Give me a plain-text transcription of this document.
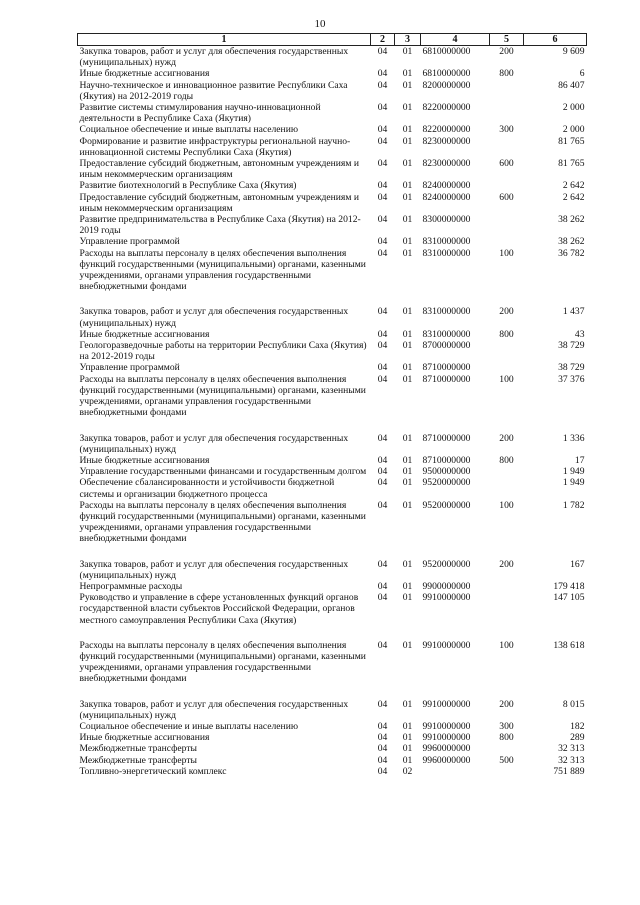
10
1	2	3	4	5	6
Закупка товаров, работ и услуг для обеспечения государственных (муниципальных) нужд	04	01	6810000000	200	9 609
Иные бюджетные ассигнования	04	01	6810000000	800	6
Научно-техническое и инновационное развитие Республики Саха (Якутия) на 2012-2019 годы	04	01	8200000000		86 407
Развитие системы стимулирования научно-инновационной деятельности в Республике Саха (Якутия)	04	01	8220000000		2 000
Социальное обеспечение и иные выплаты населению	04	01	8220000000	300	2 000
Формирование и развитие инфраструктуры региональной научно-инновационной системы Республики Саха (Якутия)	04	01	8230000000		81 765
Предоставление субсидий бюджетным, автономным учреждениям и иным некоммерческим организациям	04	01	8230000000	600	81 765
Развитие биотехнологий в Республике Саха (Якутия)	04	01	8240000000		2 642
Предоставление субсидий бюджетным, автономным учреждениям и иным некоммерческим организациям	04	01	8240000000	600	2 642
Развитие предпринимательства в Республике Саха (Якутия) на 2012-2019 годы	04	01	8300000000		38 262
Управление программой	04	01	8310000000		38 262
Расходы на выплаты персоналу в целях обеспечения выполнения функций государственными (муниципальными) органами, казенными учреждениями, органами управления государственными внебюджетными фондами	04	01	8310000000	100	36 782
Закупка товаров, работ и услуг для обеспечения государственных (муниципальных) нужд	04	01	8310000000	200	1 437
Иные бюджетные ассигнования	04	01	8310000000	800	43
Геологоразведочные работы на территории Республики Саха (Якутия) на 2012-2019 годы	04	01	8700000000		38 729
Управление программой	04	01	8710000000		38 729
Расходы на выплаты персоналу в целях обеспечения выполнения функций государственными (муниципальными) органами, казенными учреждениями, органами управления государственными внебюджетными фондами	04	01	8710000000	100	37 376
Закупка товаров, работ и услуг для обеспечения государственных (муниципальных) нужд	04	01	8710000000	200	1 336
Иные бюджетные ассигнования	04	01	8710000000	800	17
Управление государственными финансами и государственным долгом	04	01	9500000000		1 949
Обеспечение сбалансированности и устойчивости бюджетной системы и организации бюджетного процесса	04	01	9520000000		1 949
Расходы на выплаты персоналу в целях обеспечения выполнения функций государственными (муниципальными) органами, казенными учреждениями, органами управления государственными внебюджетными фондами	04	01	9520000000	100	1 782
Закупка товаров, работ и услуг для обеспечения государственных (муниципальных) нужд	04	01	9520000000	200	167
Непрограммные расходы	04	01	9900000000		179 418
Руководство и управление в сфере установленных функций органов государственной власти субъектов Российской Федерации, органов местного самоуправления Республики Саха (Якутия)	04	01	9910000000		147 105
Расходы на выплаты персоналу в целях обеспечения выполнения функций государственными (муниципальными) органами, казенными учреждениями, органами управления государственными внебюджетными фондами	04	01	9910000000	100	138 618
Закупка товаров, работ и услуг для обеспечения государственных (муниципальных) нужд	04	01	9910000000	200	8 015
Социальное обеспечение и иные выплаты населению	04	01	9910000000	300	182
Иные бюджетные ассигнования	04	01	9910000000	800	289
Межбюджетные трансферты	04	01	9960000000		32 313
Межбюджетные трансферты	04	01	9960000000	500	32 313
Топливно-энергетический комплекс	04	02			751 889
